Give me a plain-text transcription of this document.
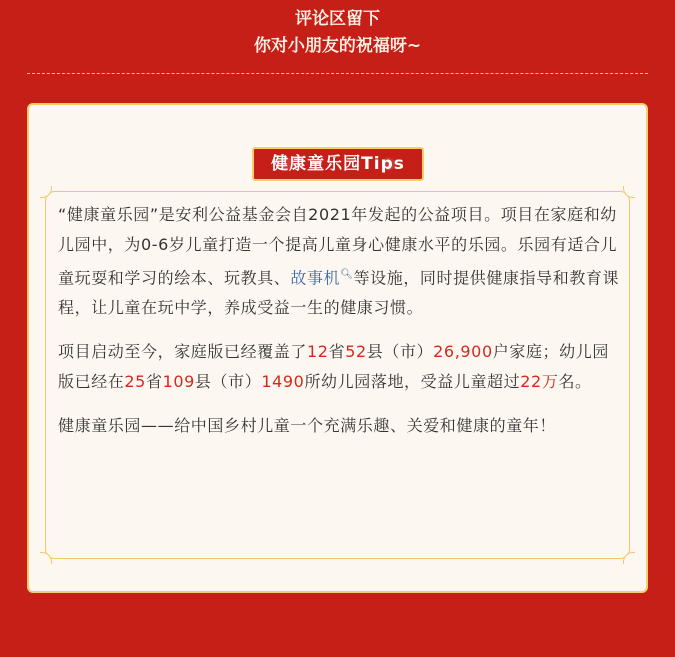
评论区留下
你对小朋友的祝福呀~
健康童乐园Tips

“健康童乐园”是安利公益基金会自2021年发起的公益项目。项目在家庭和幼儿园中，为0-6岁儿童打造一个提高儿童身心健康水平的乐园。乐园有适合儿童玩耍和学习的绘本、玩教具、故事机🔍︎等设施，同时提供健康指导和教育课程，让儿童在玩中学，养成受益一生的健康习惯。

项目启动至今，家庭版已经覆盖了12省52县（市）26,900户家庭；幼儿园版已经在25省109县（市）1490所幼儿园落地，受益儿童超过22万名。

健康童乐园——给中国乡村儿童一个充满乐趣、关爱和健康的童年！
